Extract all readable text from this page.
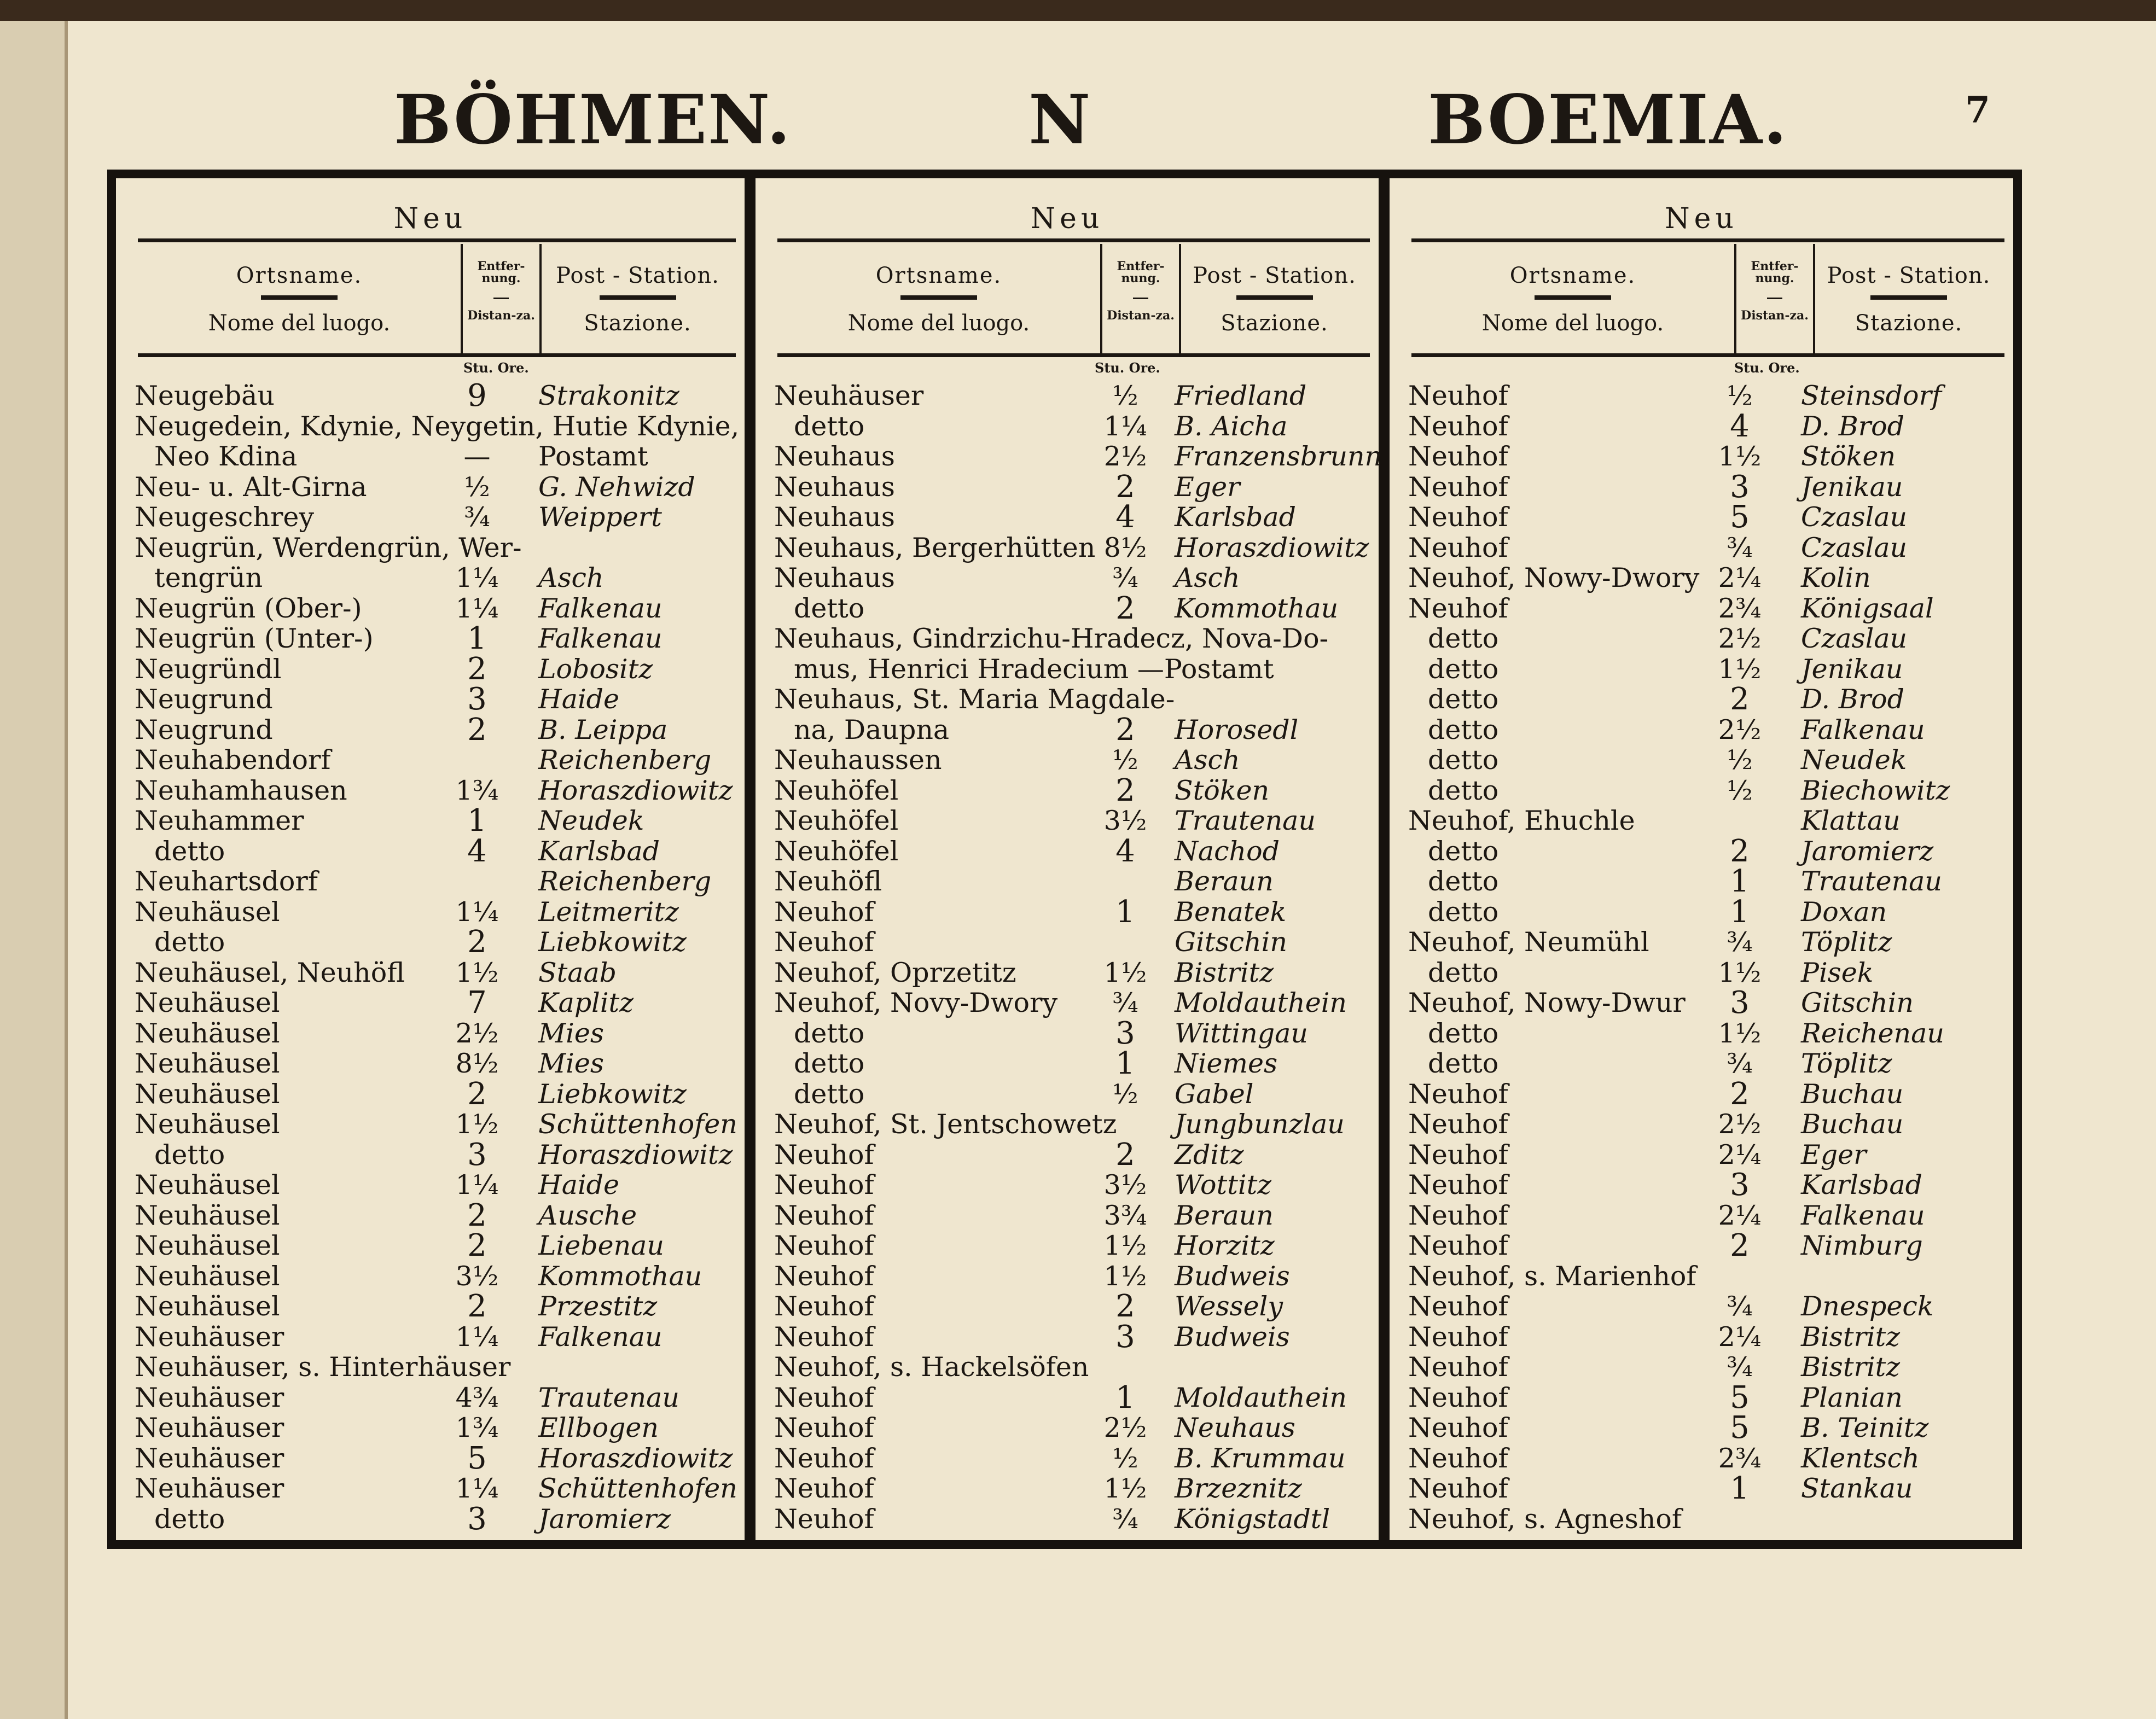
BÖHMEN.	N	BOEMIA.	7
Neu
Ortsname.
Nome del luogo.
Entfer-nung.
Distan-za.
Post - Station.
Stazione.
Stu. Ore.
Neugebäu	9	Strakonitz
Neugedein, Kdynie, Neygetin, Hutie Kdynie,
Neo Kdina	—	Postamt
Neu- u. Alt-Girna	½	G. Nehwizd
Neugeschrey	¾	Weippert
Neugrün, Werdengrün, Wer-
tengrün	1¼ Asch
Neugrün (Ober-)	1¼ Falkenau
Neugrün (Unter-)	1	Falkenau
Neugründl	2	Lobositz
Neugrund	3	Haide
Neugrund	2	B. Leippa
Neuhabendorf	Reichenberg
Neuhamhausen	1¾ Horaszdiowitz
Neuhammer	1	Neudek
detto	4	Karlsbad
Neuhartsdorf	Reichenberg
Neuhäusel	1¼ Leitmeritz
detto	2	Liebkowitz
Neuhäusel, Neuhöfl 1½ Staab
Neuhäusel	7	Kaplitz
Neuhäusel	2½ Mies
Neuhäusel	8½ Mies
Neuhäusel	2	Liebkowitz
Neuhäusel	1½ Schüttenhofen
detto	3	Horaszdiowitz
Neuhäusel	1¼ Haide
Neuhäusel	2	Ausche
Neuhäusel	2	Liebenau
Neuhäusel	3½ Kommothau
Neuhäusel	2	Przestitz
Neuhäuser	1¼ Falkenau
Neuhäuser, s. Hinterhäuser
Neuhäuser	4¾ Trautenau
Neuhäuser	1¾ Ellbogen
Neuhäuser	5	Horaszdiowitz
Neuhäuser	1¼ Schüttenhofen
detto	3	Jaromierz
Neu
Ortsname.
Nome del luogo.
Entfer-nung.
Distan-za.
Post - Station.
Stazione.
Stu. Ore.
Neuhäuser	½	Friedland
detto	1¼ B. Aicha
Neuhaus	2½ Franzensbrunn
Neuhaus	2	Eger
Neuhaus	4	Karlsbad
Neuhaus, Bergerhütten 8½ Horaszdiowitz
Neuhaus	¾	Asch
detto	2	Kommothau
Neuhaus, Gindrzichu-Hradecz, Nova-Do-
mus, Henrici Hradecium —Postamt
Neuhaus, St. Maria Magdale-
na, Daupna	2	Horosedl
Neuhaussen	½	Asch
Neuhöfel	2	Stöken
Neuhöfel	3½ Trautenau
Neuhöfel	4	Nachod
Neuhöfl	Beraun
Neuhof	1	Benatek
Neuhof	Gitschin
Neuhof, Oprzetitz	1½ Bistritz
Neuhof, Novy-Dwory	¾	Moldauthein
detto	3	Wittingau
detto	1	Niemes
detto	½	Gabel
Neuhof, St. Jentschowetz Jungbunzlau
Neuhof	2	Zditz
Neuhof	3½ Wottitz
Neuhof	3¾ Beraun
Neuhof	1½ Horzitz
Neuhof	1½ Budweis
Neuhof	2	Wessely
Neuhof	3	Budweis
Neuhof, s. Hackelsöfen
Neuhof	1	Moldauthein
Neuhof	2½ Neuhaus
Neuhof	½	B. Krummau
Neuhof	1½ Brzeznitz
Neuhof	¾	Königstadtl
Neu
Ortsname.
Nome del luogo.
Entfer-nung.
Distan-za.
Post - Station.
Stazione.
Stu. Ore.
Neuhof	½	Steinsdorf
Neuhof	4	D. Brod
Neuhof	1½ Stöken
Neuhof	3	Jenikau
Neuhof	5	Czaslau
Neuhof	¾	Czaslau
Neuhof, Nowy-Dwory 2¼ Kolin
Neuhof	2¾ Königsaal
detto	2½ Czaslau
detto	1½ Jenikau
detto	2	D. Brod
detto	2½ Falkenau
detto	½	Neudek
detto	½	Biechowitz
Neuhof, Ehuchle	Klattau
detto	2	Jaromierz
detto	1	Trautenau
detto	1	Doxan
Neuhof, Neumühl	¾	Töplitz
detto	1½ Pisek
Neuhof, Nowy-Dwur	3	Gitschin
detto	1½ Reichenau
detto	¾	Töplitz
Neuhof	2	Buchau
Neuhof	2½ Buchau
Neuhof	2¼ Eger
Neuhof	3	Karlsbad
Neuhof	2¼ Falkenau
Neuhof	2	Nimburg
Neuhof, s. Marienhof
Neuhof	¾	Dnespeck
Neuhof	2¼ Bistritz
Neuhof	¾	Bistritz
Neuhof	5	Planian
Neuhof	5	B. Teinitz
Neuhof	2¾ Klentsch
Neuhof	1	Stankau
Neuhof, s. Agneshof
